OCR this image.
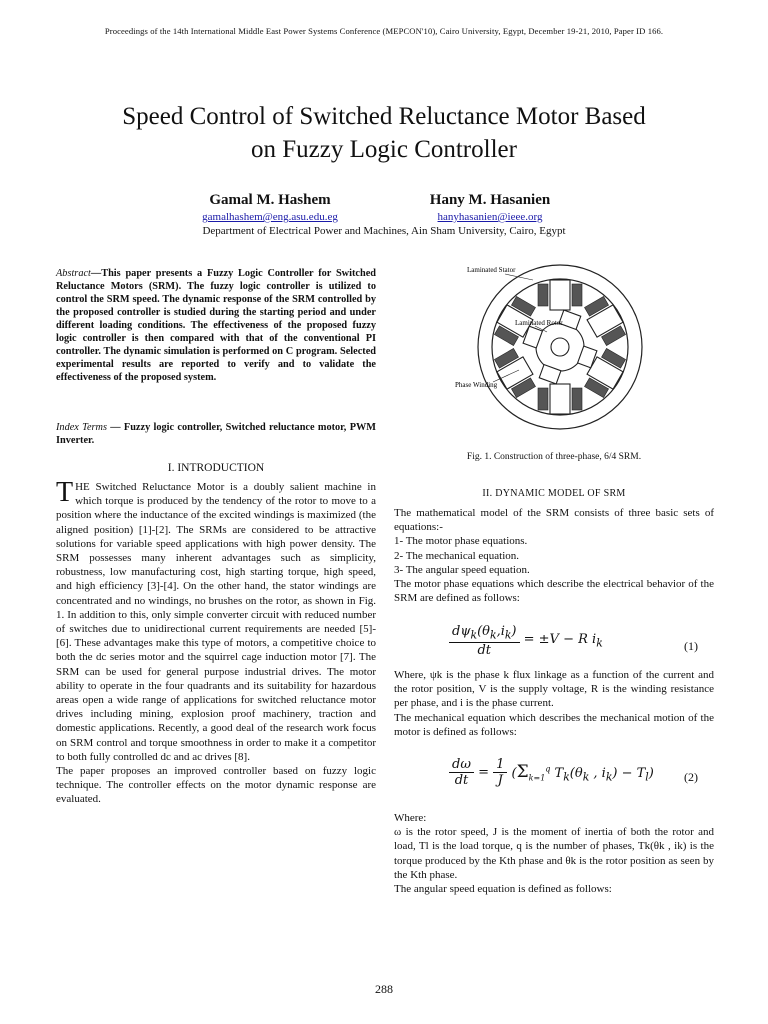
Proceedings of the 14th International Middle East Power Systems Conference (MEPCON'10), Cairo University, Egypt, December 19-21, 2010, Paper ID 166.
Speed Control of Switched Reluctance Motor Based
on Fuzzy Logic Controller
Gamal M. Hashem	Hany M. Hasanien
gamalhashem@eng.asu.edu.eg	hanyhasanien@ieee.org
Department of Electrical Power and Machines, Ain Sham University, Cairo, Egypt
Abstract—This paper presents a Fuzzy Logic Controller for Switched Reluctance Motors (SRM). The fuzzy logic controller is utilized to control the SRM speed. The dynamic response of the SRM controlled by the proposed controller is studied during the starting period and under different loading conditions. The effectiveness of the proposed fuzzy logic controller is then compared with that of the conventional PI controller. The dynamic simulation is performed on C program. Selected experimental results are reported to verify and to validate the effectiveness of the proposed system.
Index Terms — Fuzzy logic controller, Switched reluctance motor, PWM Inverter.
I. INTRODUCTION

THE Switched Reluctance Motor is a doubly salient machine in which torque is produced by the tendency of the rotor to move to a position where the inductance of the excited windings is maximized (the aligned position) [1]-[2]. The SRMs are considered to be attractive solutions for variable speed applications with high power density. The SRM possesses many inherent advantages such as simplicity, robustness, low manufacturing cost, high starting torque, high speed, and high efficiency [3]-[4]. On the other hand, the stator windings are concentrated and no windings, no brushes on the rotor, as shown in Fig. 1. In addition to this, only simple converter circuit with reduced number of switches due to unidirectional current requirements are needed [5]-[6]. These advantages make this type of motors, a competitive choice to both the dc series motor and the squirrel cage induction motor [7]. The SRM can be used for general purpose industrial drives. The motor ability to operate in the four quadrants and its suitability for hazardous areas open a wide range of applications for switched reluctance motor drives including mining, explosion proof machinery, traction and domestic applications. Recently, a good deal of the research work focus on SRM control and torque smoothness in order to make it a competitor to both fully controlled dc and ac drives [8].

The paper proposes an improved controller based on fuzzy logic technique. The controller effects on the motor dynamic response are evaluated.

Laminated Stator
Laminated Rotor
Phase Winding
Fig. 1. Construction of three-phase, 6/4 SRM.
II. DYNAMIC MODEL OF SRM

The mathematical model of the SRM consists of three basic sets of equations:-

1- The motor phase equations.

2- The mechanical equation.

3- The angular speed equation.

The motor phase equations which describe the electrical behavior of the SRM are defined as follows:

$\frac{d\psi_k(\theta_k,i_k)}{dt} = \pm V - R$ $i_k$	(1)

Where, ψk is the phase k flux linkage as a function of the current and the rotor position, V is the supply voltage, R is the winding resistance per phase, and i is the phase current.

The mechanical equation which describes the mechanical motion of the motor is defined as follows:

$\frac{d\omega}{dt} = \frac{1}{J} (\Sigma_{k=1}^q$ $T_k(\theta_k$ , $i_k) - T_l$)	(2)

Where:

ω is the rotor speed, J is the moment of inertia of both the rotor and load, Tl is the load torque, q is the number of phases, Tk(θk , ik) is the torque produced by the Kth phase and θk is the rotor position as seen by the Kth phase.

The angular speed equation is defined as follows:

288
